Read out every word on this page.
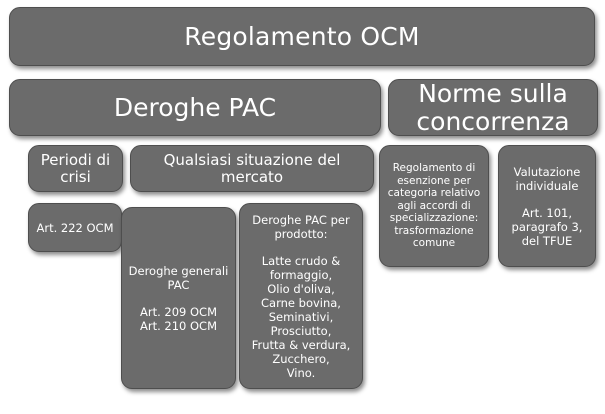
Regolamento OCM
Deroghe PAC	Norme sulla
concorrenza
Periodi di
crisi
Qualsiasi situazione del
mercato	Regolamento di
esenzione per
categoria relativo
agli accordi di
specializzazione:
trasformazione
comune
Valutazione
individuale
Art. 101,
paragrafo 3,
del TFUE
Art. 222 OCM
Deroghe generali
PAC
Art. 209 OCM
Art. 210 OCM
Deroghe PAC per
prodotto:
Latte crudo &
formaggio,
Olio d'oliva,
Carne bovina,
Seminativi,
Prosciutto,
Frutta & verdura,
Zucchero,
Vino.
